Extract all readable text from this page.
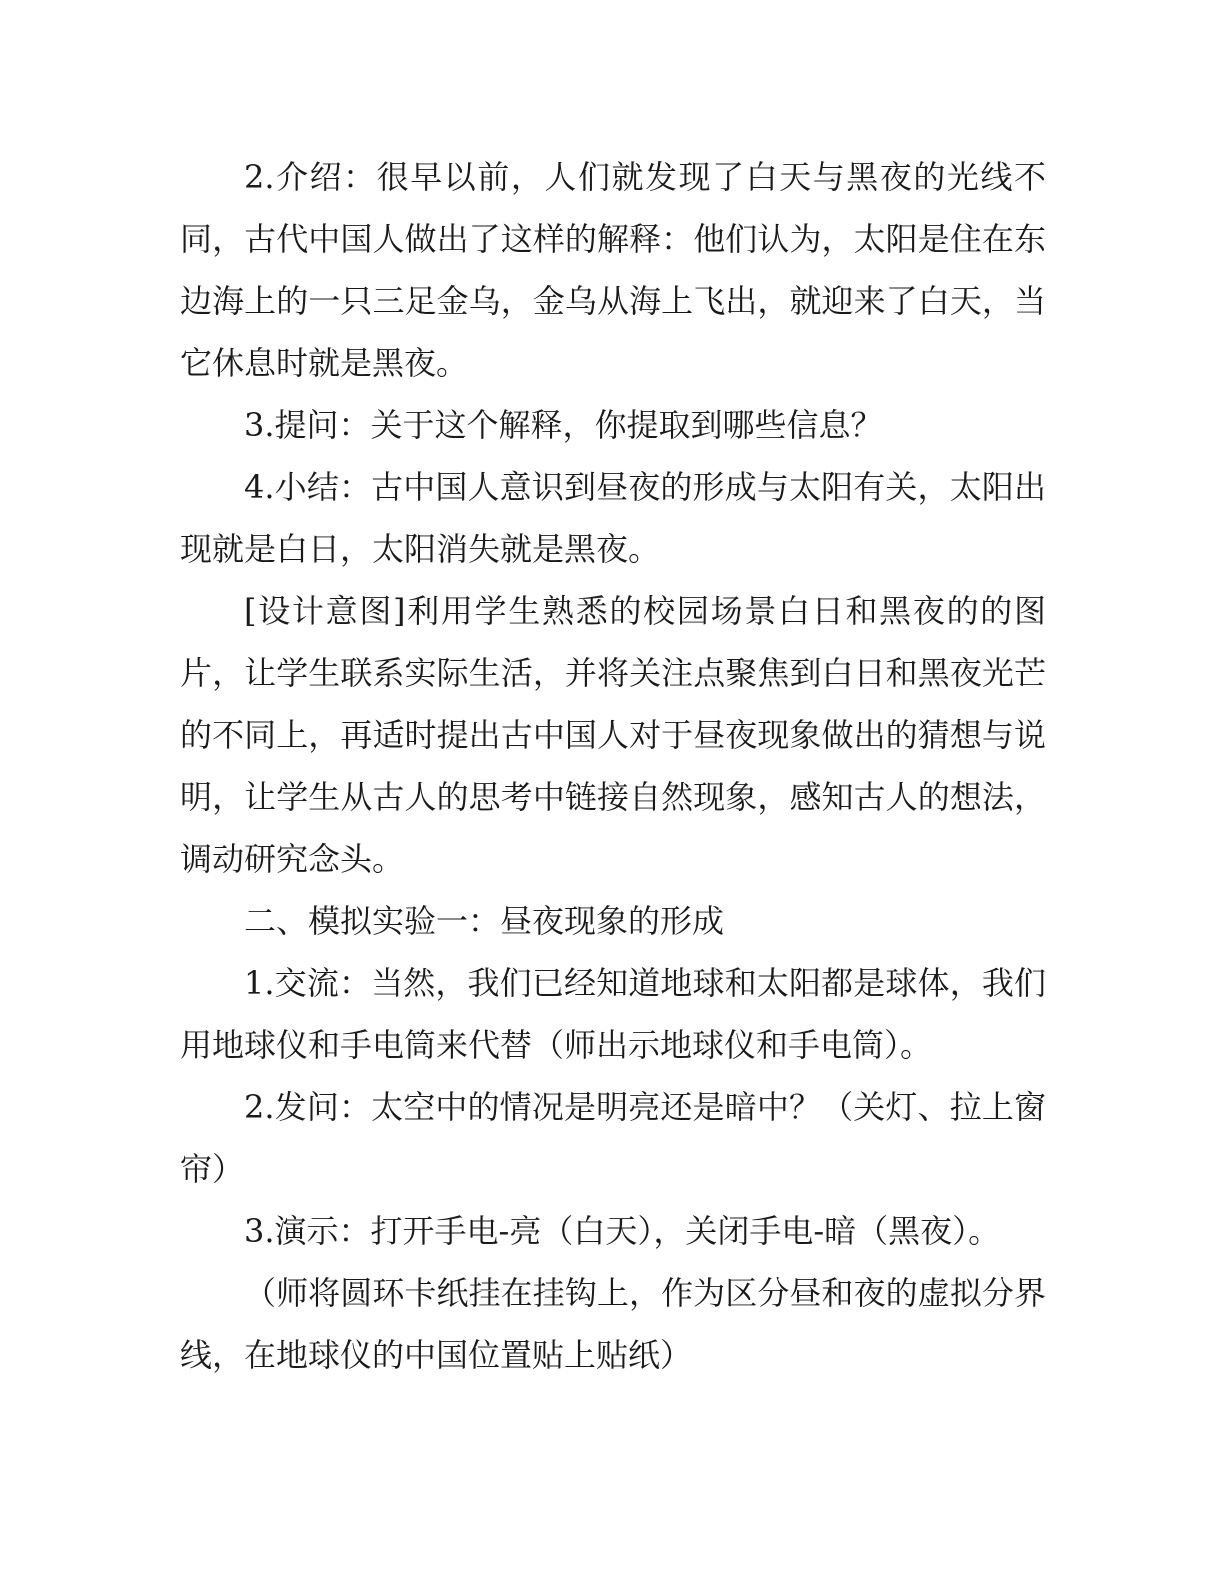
2.介绍：很早以前，人们就发现了白天与黑夜的光线不同，古代中国人做出了这样的解释：他们认为，太阳是住在东边海上的一只三足金乌，金乌从海上飞出，就迎来了白天，当它休息时就是黑夜。

3.提问：关于这个解释，你提取到哪些信息？

4.小结：古中国人意识到昼夜的形成与太阳有关，太阳出现就是白日，太阳消失就是黑夜。

[设计意图]利用学生熟悉的校园场景白日和黑夜的的图片，让学生联系实际生活，并将关注点聚焦到白日和黑夜光芒的不同上，再适时提出古中国人对于昼夜现象做出的猜想与说明，让学生从古人的思考中链接自然现象，感知古人的想法，调动研究念头。

二、模拟实验一：昼夜现象的形成

1.交流：当然，我们已经知道地球和太阳都是球体，我们用地球仪和手电筒来代替（师出示地球仪和手电筒）。

2.发问：太空中的情况是明亮还是暗中？（关灯、拉上窗帘）

3.演示：打开手电-亮（白天），关闭手电-暗（黑夜）。

（师将圆环卡纸挂在挂钩上，作为区分昼和夜的虚拟分界线，在地球仪的中国位置贴上贴纸）
